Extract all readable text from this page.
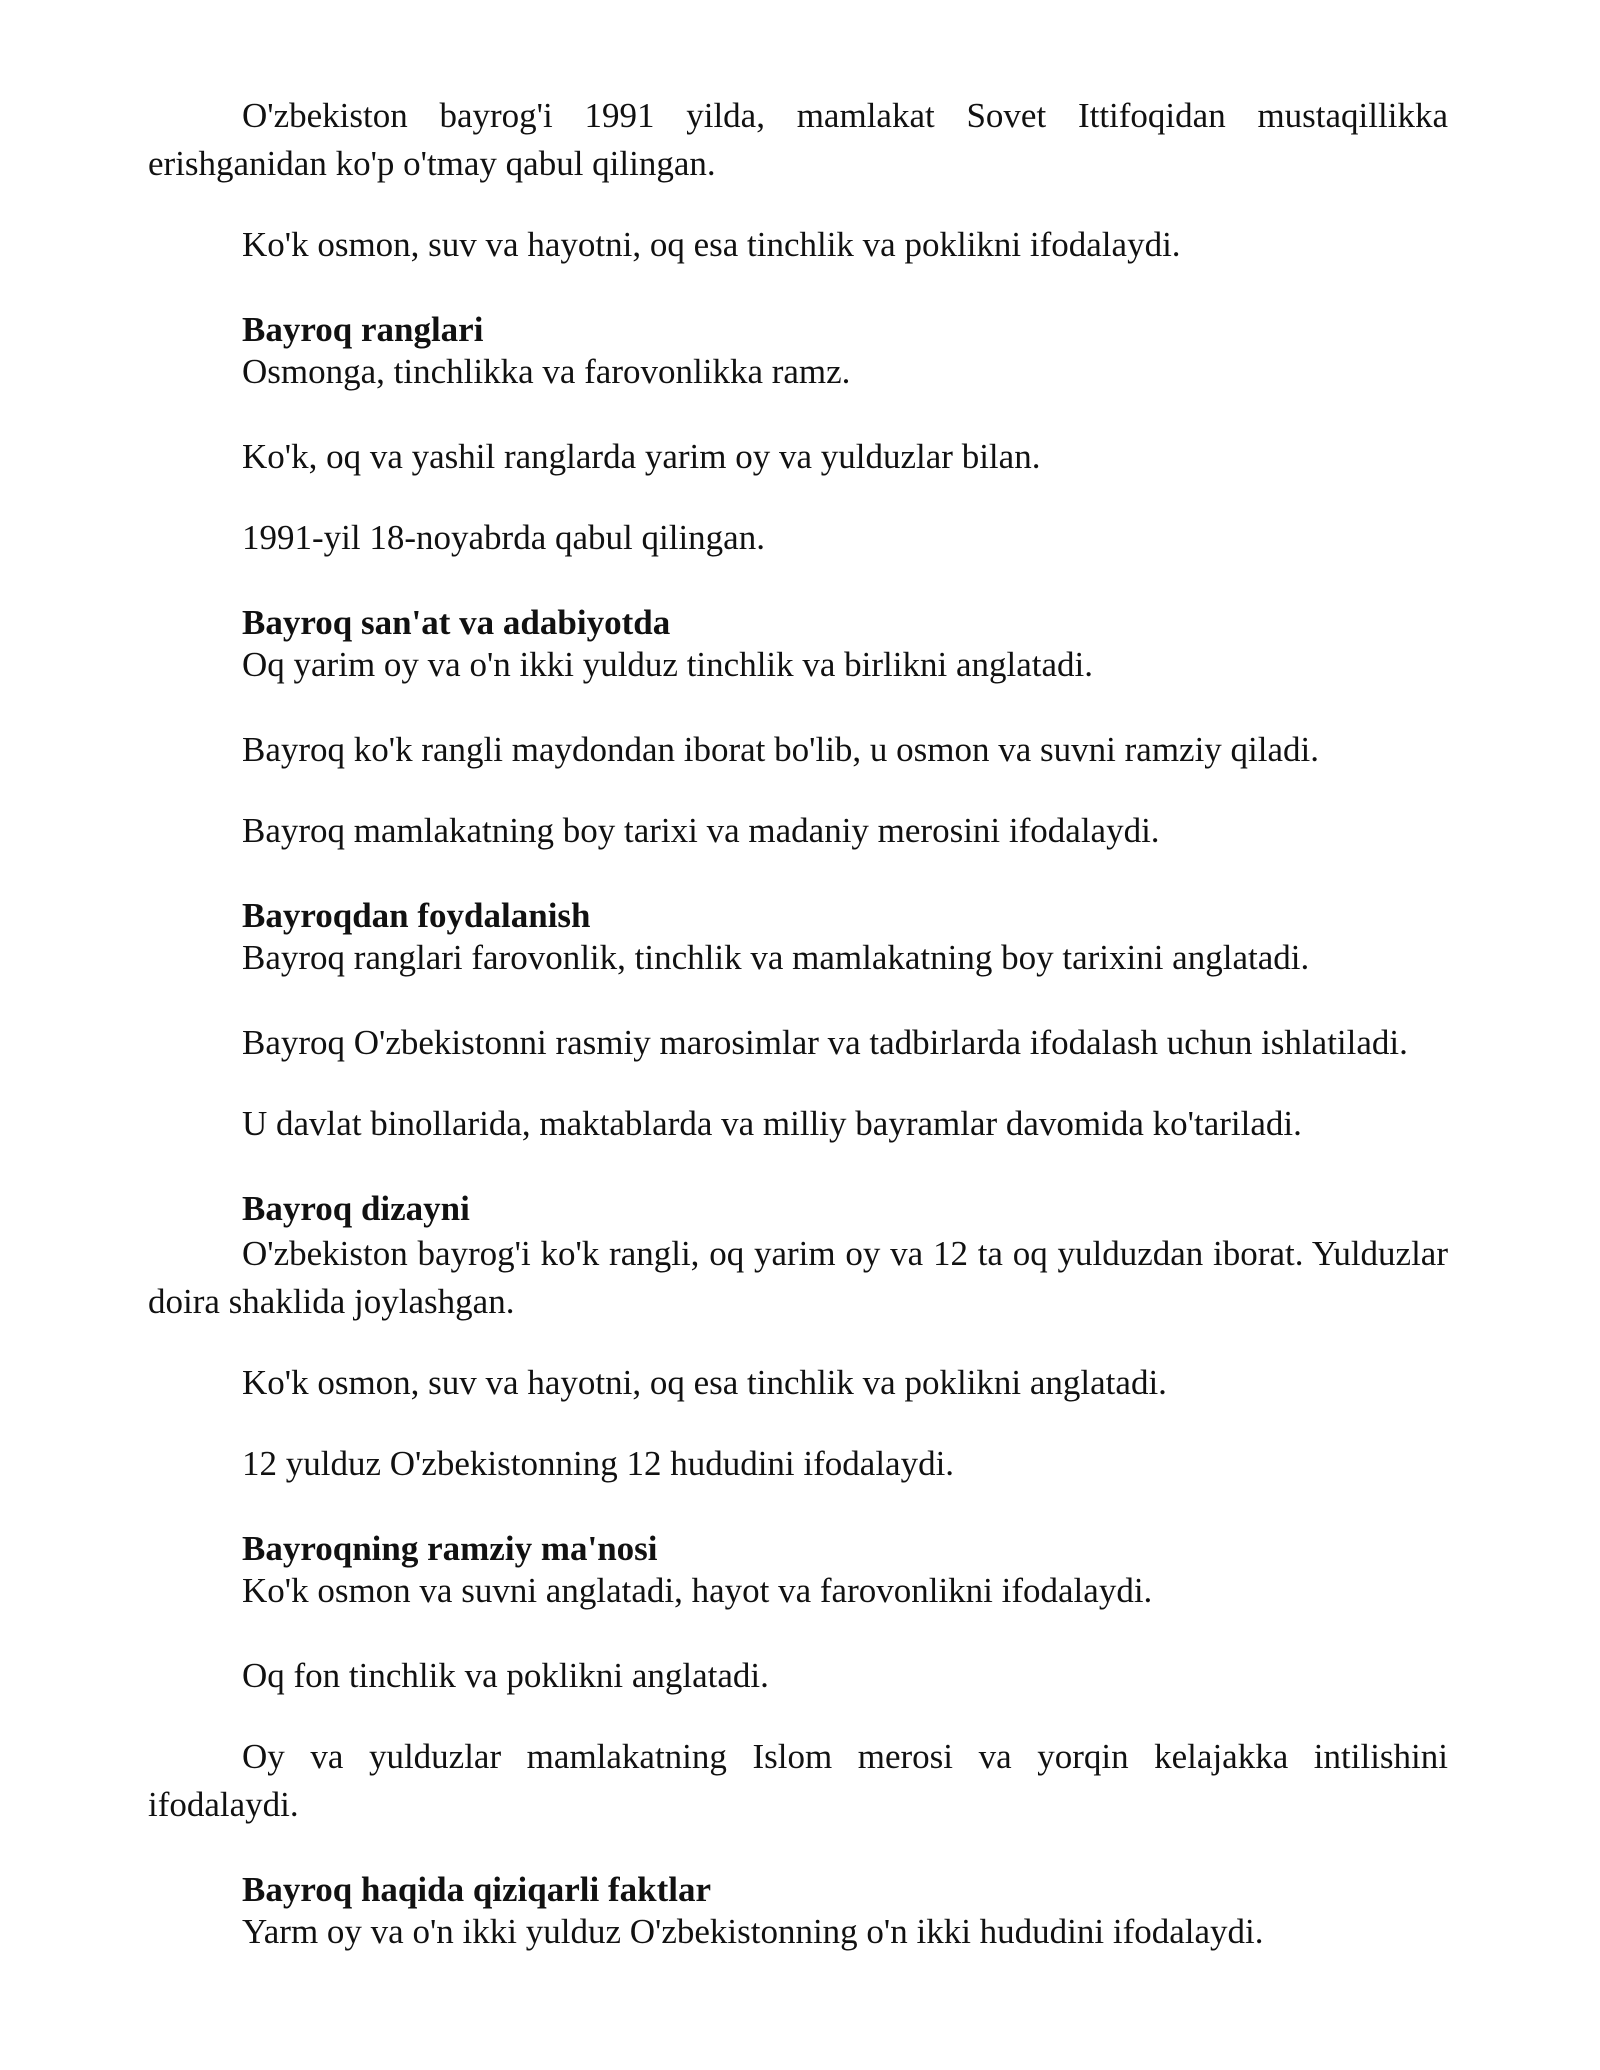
O'zbekiston bayrog'i 1991 yilda, mamlakat Sovet Ittifoqidan mustaqillikka erishganidan ko'p o'tmay qabul qilingan.

Ko'k osmon, suv va hayotni, oq esa tinchlik va poklikni ifodalaydi.

Bayroq ranglari
Osmonga, tinchlikka va farovonlikka ramz.

Ko'k, oq va yashil ranglarda yarim oy va yulduzlar bilan.

1991-yil 18-noyabrda qabul qilingan.

Bayroq san'at va adabiyotda
Oq yarim oy va o'n ikki yulduz tinchlik va birlikni anglatadi.

Bayroq ko'k rangli maydondan iborat bo'lib, u osmon va suvni ramziy qiladi.

Bayroq mamlakatning boy tarixi va madaniy merosini ifodalaydi.

Bayroqdan foydalanish
Bayroq ranglari farovonlik, tinchlik va mamlakatning boy tarixini anglatadi.

Bayroq O'zbekistonni rasmiy marosimlar va tadbirlarda ifodalash uchun ishlatiladi.

U davlat binollarida, maktablarda va milliy bayramlar davomida ko'tariladi.

Bayroq dizayni

O'zbekiston bayrog'i ko'k rangli, oq yarim oy va 12 ta oq yulduzdan iborat. Yulduzlar doira shaklida joylashgan.

Ko'k osmon, suv va hayotni, oq esa tinchlik va poklikni anglatadi.

12 yulduz O'zbekistonning 12 hududini ifodalaydi.

Bayroqning ramziy ma'nosi
Ko'k osmon va suvni anglatadi, hayot va farovonlikni ifodalaydi.

Oq fon tinchlik va poklikni anglatadi.

Oy va yulduzlar mamlakatning Islom merosi va yorqin kelajakka intilishini ifodalaydi.

Bayroq haqida qiziqarli faktlar
Yarm oy va o'n ikki yulduz O'zbekistonning o'n ikki hududini ifodalaydi.
